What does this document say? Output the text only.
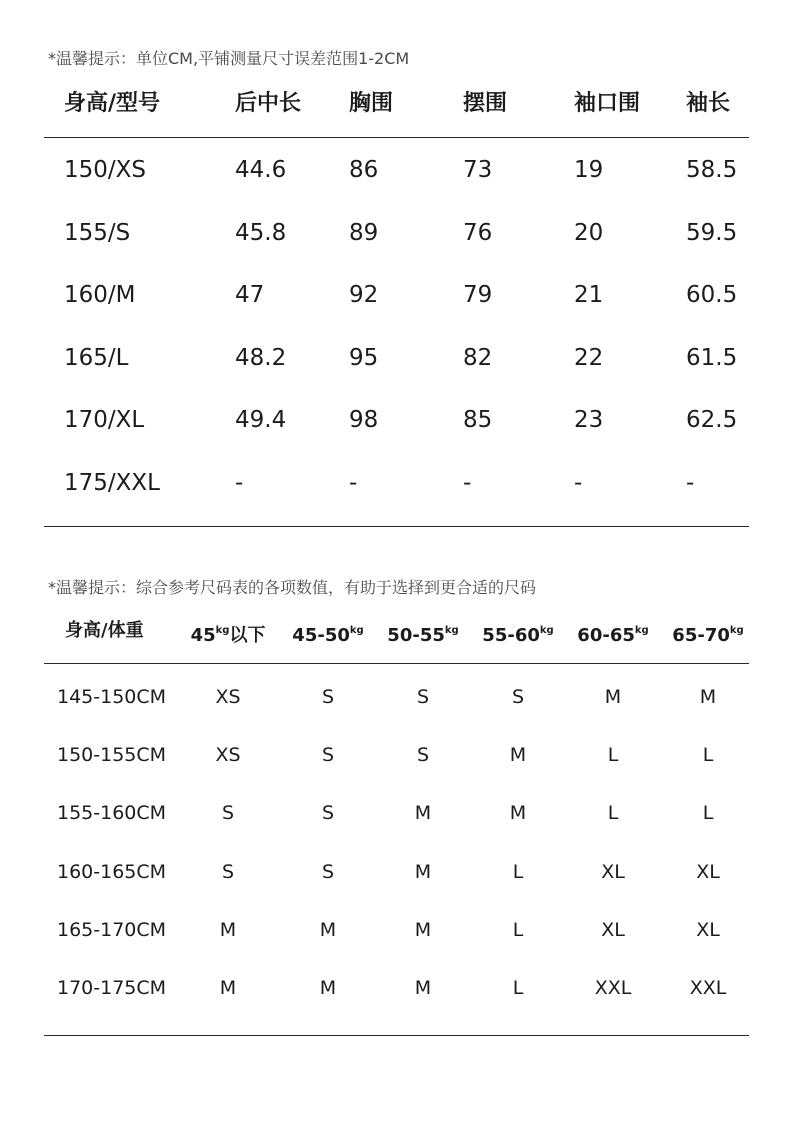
*温馨提示：单位CM,平铺测量尺寸误差范围1-2CM
身高/型号	后中长 胸围	摆围	袖口围 袖长
150/XS	44.6	86	73	19	58.5
155/S	45.8	89	76	20	59.5
160/M	47	92	79	21	60.5
165/L	48.2	95	82	22	61.5
170/XL	49.4	98	85	23	62.5
175/XXL	-	-	-	-	-
*温馨提示：综合参考尺码表的各项数值，有助于选择到更合适的尺码
身高/体重	$45^{kg}$以下 $45-50^{kg}$ $50-55^{kg}$ $55-60^{kg}$ $60-65^{kg}$ $65-70^{kg}$
145-150CM	XS	S	S	S	M	M
150-155CM	XS	S	S	M	L	L
155-160CM	S	S	M	M	L	L
160-165CM	S	S	M	L	XL	XL
165-170CM	M	M	M	L	XL	XL
170-175CM	M	M	M	L	XXL	XXL
